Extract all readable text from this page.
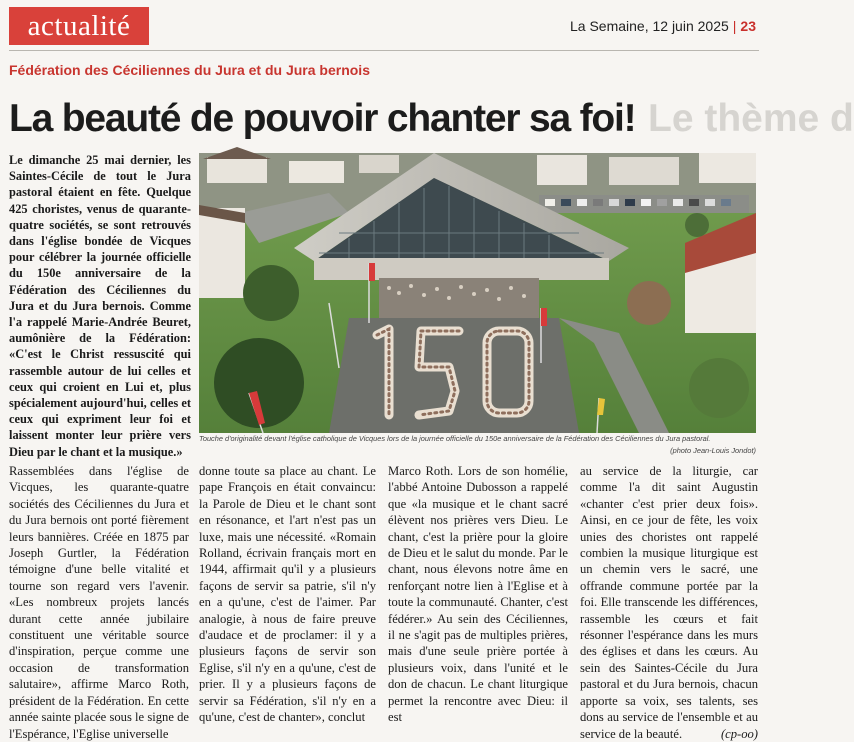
actualité	La Semaine, 12 juin 2025 | 23
Fédération des Céciliennes du Jura et du Jura bernois
La beauté de pouvoir chanter sa foi! Le thème d

Le dimanche 25 mai dernier, les Saintes-Cécile de tout le Jura pastoral étaient en fête. Quelque 425 choristes, venus de quarante-quatre sociétés, se sont retrouvés dans l'église bondée de Vicques pour célébrer la journée officielle du 150e anniversaire de la Fédération des Céciliennes du Jura et du Jura bernois. Comme l'a rappelé Marie-Andrée Beuret, aumônière de la Fédération: «C'est le Christ ressuscité qui rassemble autour de lui celles et ceux qui croient en Lui et, plus spécialement aujourd'hui, celles et ceux qui expriment leur foi et laissent monter leur prière vers Dieu par le chant et la musique.»

Touche d'originalité devant l'église catholique de Vicques lors de la journée officielle du 150e anniversaire de la Fédération des Céciliennes du Jura pastoral.

(photo Jean-Louis Jondot)

Rassemblées dans l'église de Vicques, les quarante-quatre sociétés des Céciliennes du Jura et du Jura bernois ont porté fièrement leurs bannières. Créée en 1875 par Joseph Gurtler, la Fédération témoigne d'une belle vitalité et tourne son regard vers l'avenir. «Les nombreux projets lancés durant cette année jubilaire constituent une véritable source d'inspiration, perçue comme une occasion de transformation salutaire», affirme Marco Roth, président de la Fédération. En cette année sainte placée sous le signe de l'Espérance, l'Eglise universelle

donne toute sa place au chant. Le pape François en était convaincu: la Parole de Dieu et le chant sont en résonance, et l'art n'est pas un luxe, mais une nécessité. «Romain Rolland, écrivain français mort en 1944, affirmait qu'il y a plusieurs façons de servir sa patrie, s'il n'y en a qu'une, c'est de l'aimer. Par analogie, à nous de faire preuve d'audace et de proclamer: il y a plusieurs façons de servir son Eglise, s'il n'y en a qu'une, c'est de prier. Il y a plusieurs façons de servir sa Fédération, s'il n'y en a qu'une, c'est de chanter», conclut

Marco Roth. Lors de son homélie, l'abbé Antoine Dubosson a rappelé que «la musique et le chant sacré élèvent nos prières vers Dieu. Le chant, c'est la prière pour la gloire de Dieu et le salut du monde. Par le chant, nous élevons notre âme en renforçant notre lien à l'Eglise et à toute la communauté. Chanter, c'est fédérer.» Au sein des Céciliennes, il ne s'agit pas de multiples prières, mais d'une seule prière portée à plusieurs voix, dans l'unité et le don de chacun. Le chant liturgique permet la rencontre avec Dieu: il est

au service de la liturgie, car comme l'a dit saint Augustin «chanter c'est prier deux fois». Ainsi, en ce jour de fête, les voix unies des choristes ont rappelé combien la musique liturgique est un chemin vers le sacré, une offrande commune portée par la foi. Elle transcende les différences, rassemble les cœurs et fait résonner l'espérance dans les murs des églises et dans les cœurs. Au sein des Saintes-Cécile du Jura pastoral et du Jura bernois, chacun apporte sa voix, ses talents, ses dons au service de l'ensemble et au service de la beauté.	(cp-oo)
